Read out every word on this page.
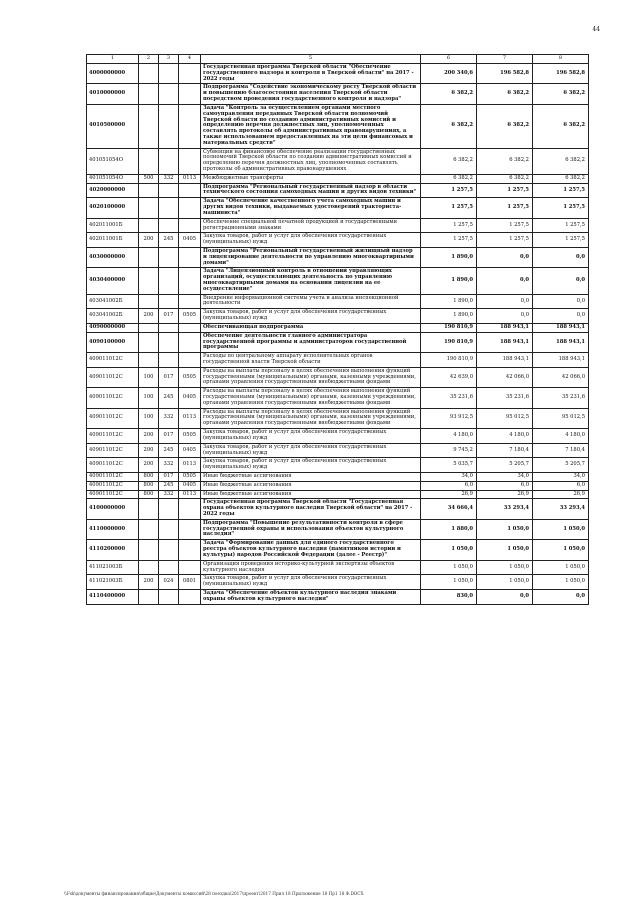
44
1	2	3	4	5	6	7	8
4000000000				Государственная программа Тверской области "Обеспечение государственного надзора и контроля в Тверской области" на 2017 - 2022 годы	200 340,6	196 582,8	196 582,8
4010000000				Подпрограмма "Содействие экономическому росту Тверской области и повышению благосостояния населения Тверской области посредством проведения государственного контроля и надзора"	6 382,2	6 382,2	6 382,2
4010500000				Задача "Контроль за осуществлением органами местного самоуправления переданных Тверской области полномочий Тверской области по созданию административных комиссий и определению перечня должностных лиц, уполномоченных составлять протоколы об административных правонарушениях, а также использованием предоставленных на эти цели финансовых и материальных средств"	6 382,2	6 382,2	6 382,2
401051054О				Субвенции на финансовое обеспечение реализации государственных полномочий Тверской области по созданию административных комиссий и определению перечня должностных лиц, уполномоченных составлять протоколы об административных правонарушениях	6 382,2	6 382,2	6 382,2
401051054О	500	332	0113	Межбюджетные трансферты	6 382,2	6 382,2	6 382,2
4020000000				Подпрограмма "Региональный государственный надзор в области технического состояния самоходных машин и других видов техники"	1 257,5	1 257,5	1 257,5
4020100000				Задача "Обеспечение качественного учета самоходных машин и других видов техники, выдаваемых удостоверений тракториста-машиниста"	1 257,5	1 257,5	1 257,5
402011001Б				Обеспечение специальной печатной продукцией и государственными регистрационными знаками	1 257,5	1 257,5	1 257,5
402011001Б	200	245	0405	Закупка товаров, работ и услуг для обеспечения государственных (муниципальных) нужд	1 257,5	1 257,5	1 257,5
4030000000				Подпрограмма "Региональный государственный жилищный надзор и лицензирование деятельности по управлению многоквартирными домами"	1 890,0	0,0	0,0
4030400000				Задача "Лицензионный контроль в отношении управляющих организаций, осуществляющих деятельность по управлению многоквартирными домами на основании лицензии на ее осуществление"	1 890,0	0,0	0,0
403041002Б				Внедрение информационной системы учета и анализа инспекционной деятельности	1 890,0	0,0	0,0
403041002Б	200	017	0505	Закупка товаров, работ и услуг для обеспечения государственных (муниципальных) нужд	1 890,0	0,0	0,0
4090000000				Обеспечивающая подпрограмма	190 810,9	188 943,1	188 943,1
4090100000				Обеспечение деятельности главного администратора государственной программы и администраторов государственной программы	190 810,9	188 943,1	188 943,1
409011012С				Расходы по центральному аппарату исполнительных органов государственной власти Тверской области	190 810,9	188 943,1	188 943,1
409011012С	100	017	0505	Расходы на выплаты персоналу в целях обеспечения выполнения функций государственными (муниципальными) органами, казенными учреждениями, органами управления государственными внебюджетными фондами	42 639,0	42 066,0	42 066,0
409011012С	100	245	0405	Расходы на выплаты персоналу в целях обеспечения выполнения функций государственными (муниципальными) органами, казенными учреждениями, органами управления государственными внебюджетными фондами	35 231,6	35 231,6	35 231,6
409011012С	100	332	0113	Расходы на выплаты персоналу в целях обеспечения выполнения функций государственными (муниципальными) органами, казенными учреждениями, органами управления государственными внебюджетными фондами	93 912,5	95 012,5	95 012,5
409011012С	200	017	0505	Закупка товаров, работ и услуг для обеспечения государственных (муниципальных) нужд	4 180,0	4 180,0	4 180,0
409011012С	200	245	0405	Закупка товаров, работ и услуг для обеспечения государственных (муниципальных) нужд	9 745,2	7 180,4	7 180,4
409011012С	200	332	0113	Закупка товаров, работ и услуг для обеспечения государственных (муниципальных) нужд	5 035,7	5 205,7	5 205,7
409011012С	800	017	0505	Иные бюджетные ассигнования	34,0	34,0	34,0
409011012С	800	245	0405	Иные бюджетные ассигнования	6,0	6,0	6,0
409011012С	800	332	0113	Иные бюджетные ассигнования	26,9	26,9	26,9
4100000000				Государственная программа Тверской области "Государственная охрана объектов культурного наследия Тверской области" на 2017 - 2022 годы	34 666,4	33 293,4	33 293,4
4110000000				Подпрограмма "Повышение результативности контроля в сфере государственной охраны и использования объектов культурного наследия"	1 880,0	1 050,0	1 050,0
4110200000				Задача "Формирование данных для единого государственного реестра объектов культурного наследия (памятников истории и культуры) народов Российской Федерации (далее - Реестр)"	1 050,0	1 050,0	1 050,0
411021003Б				Организация проведения историко-культурной экспертизы объектов культурного наследия	1 050,0	1 050,0	1 050,0
411021003Б	200	024	0801	Закупка товаров, работ и услуг для обеспечения государственных (муниципальных) нужд	1 050,0	1 050,0	1 050,0
4110400000				Задача "Обеспечение объектов культурного наследия знаками охраны объектов культурного наследия"	830,0	0,0	0,0
\\Fsk\документы финансирования\общие\Документы комиссий\28 поездка\2017\проект\2017 Прил 18 Приложение 18 Пр1 18 Ф.DOCX
